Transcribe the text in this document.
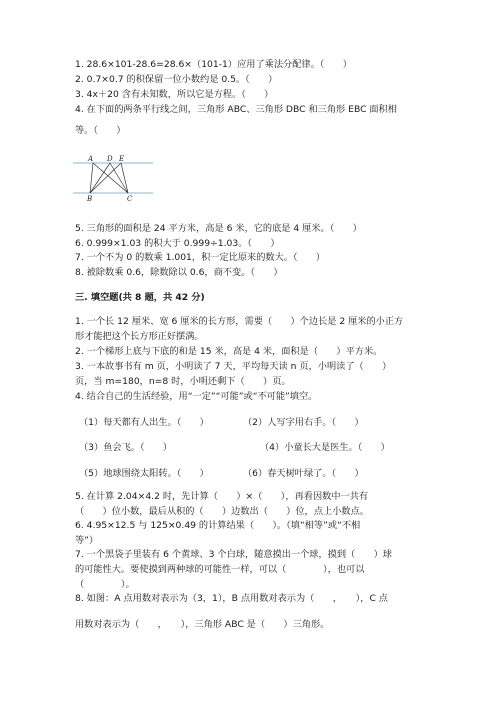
1. 28.6×101-28.6=28.6×（101-1）应用了乘法分配律。（　　）
2. 0.7×0.7 的积保留一位小数约是 0.5。（　　）
3. 4x＋20 含有未知数，所以它是方程。（　　）
4. 在下面的两条平行线之间，三角形 ABC、三角形 DBC 和三角形 EBC 面积相
等。（　　）
A D E
B	C
5. 三角形的面积是 24 平方米，高是 6 米，它的底是 4 厘米。（　　）
6. 0.999×1.03 的积大于 0.999÷1.03。（　　）
7. 一个不为 0 的数乘 1.001，积一定比原来的数大。（　　）
8. 被除数乘 0.6，除数除以 0.6，商不变。（　　）
三. 填空题(共 8 题，共 42 分)
1. 一个长 12 厘米、宽 6 厘米的长方形，需要（　　）个边长是 2 厘米的小正方
形才能把这个长方形正好摆满。
2. 一个梯形上底与下底的和是 15 米，高是 4 米，面积是（　　）平方米。
3. 一本故事书有 m 页，小明读了 7 天，平均每天读 n 页，小明读了（　　）
页，当 m=180，n=8 时，小明还剩下（　　）页。
4. 结合自己的生活经验，用“一定”“可能”或“不可能”填空。
（1）每天都有人出生。（　　）	（2）人写字用右手。（　　）
（3）鱼会飞。（　　）	（4）小童长大是医生。（　　）
（5）地球围绕太阳转。（　　）	（6）春天树叶绿了。（　　）
5. 在计算 2.04×4.2 时，先计算（　　）×（　　），再看因数中一共有
（　　）位小数，最后从积的（　　）边数出（　　）位，点上小数点。
6. 4.95×12.5 与 125×0.49 的计算结果（　　）。（填“相等”或“不相
等”）
7. 一个黑袋子里装有 6 个黄球、3 个白球，随意摸出一个球，摸到（　　）球
的可能性大。要使摸到两种球的可能性一样，可以（　　　　），也可以
（　　　　）。
8. 如图：A 点用数对表示为（3，1），B 点用数对表示为（　　，　　），C 点
用数对表示为（　　，　　），三角形 ABC 是（　　）三角形。
